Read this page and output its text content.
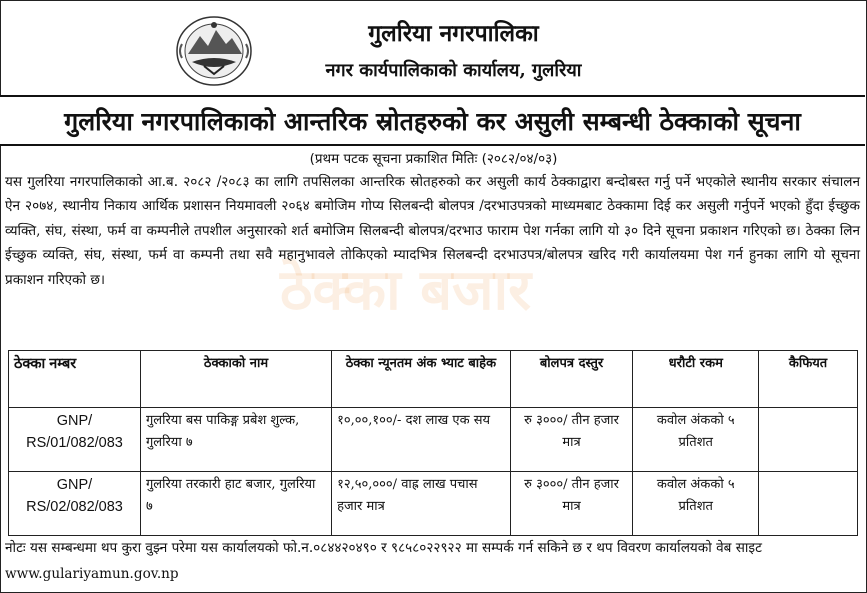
गुलरिया नगरपालिका
नगर कार्यपालिकाको कार्यालय, गुलरिया
गुलरिया नगरपालिकाको आन्तरिक स्रोतहरुको कर असुली सम्बन्धी ठेक्काको सूचना
(प्रथम पटक सूचना प्रकाशित मितिः (२०८२/०४/०३)
ठेक्का बजार
यस गुलरिया नगरपालिकाको आ.ब. २०८२ /२०८३ का लागि तपसिलका आन्तरिक स्रोतहरुको कर असुली कार्य ठेक्काद्वारा बन्दोबस्त गर्नु पर्ने भएकोले स्थानीय सरकार संचालन ऐन २०७४, स्थानीय निकाय आर्थिक प्रशासन नियमावली २०६४ बमोजिम गोप्य सिलबन्दी बोलपत्र /दरभाउपत्रको माध्यमबाट ठेक्कामा दिई कर असुली गर्नुपर्ने भएको हुँदा ईच्छुक व्यक्ति, संघ, संस्था, फर्म वा कम्पनीले तपशील अनुसारको शर्त बमोजिम सिलबन्दी बोलपत्र/दरभाउ फाराम पेश गर्नका लागि यो ३० दिने सूचना प्रकाशन गरिएको छ। ठेक्का लिन ईच्छुक व्यक्ति, संघ, संस्था, फर्म वा कम्पनी तथा सवै महानुभावले तोकिएको म्यादभित्र सिलबन्दी दरभाउपत्र/बोलपत्र खरिद गरी कार्यालयमा पेश गर्न हुनका लागि यो सूचना प्रकाशन गरिएको छ।
ठेक्का नम्बर	ठेक्काको नाम	ठेक्का न्यूनतम अंक भ्याट बाहेक	बोलपत्र दस्तुर	धरौटी रकम	कैफियत
GNP/ RS/01/082/083	गुलरिया बस पाकिङ्ग प्रबेश शुल्क, गुलरिया ७	१०,००,१००/- दश लाख एक सय	रु ३०००/ तीन हजार मात्र	कवोल अंकको ५ प्रतिशत	
GNP/ RS/02/082/083	गुलरिया तरकारी हाट बजार, गुलरिया ७	१२,५०,०००/ वाह्र लाख पचास हजार मात्र	रु ३०००/ तीन हजार मात्र	कवोल अंकको ५ प्रतिशत	
नोटः यस सम्बन्धमा थप कुरा वुझ्न परेमा यस कार्यालयको फो.न.०८४४२०४९० र ९८५८०२२९२२ मा सम्पर्क गर्न सकिने छ र थप विवरण कार्यालयको वेब साइट www.gulariyamun.gov.np
